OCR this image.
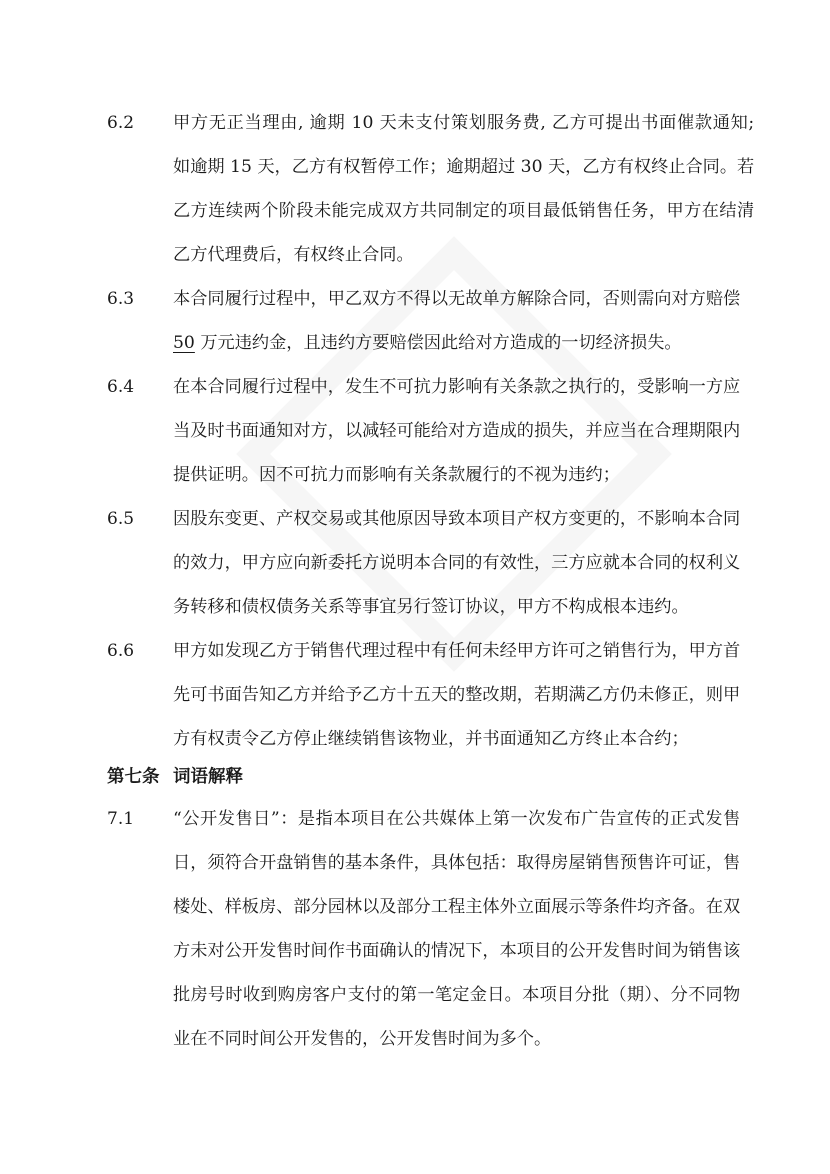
6.2	甲方无正当理由, 逾期 10 天未支付策划服务费, 乙方可提出书面催款通知;
如逾期 15 天，乙方有权暂停工作；逾期超过 30 天，乙方有权终止合同。若
乙方连续两个阶段未能完成双方共同制定的项目最低销售任务，甲方在结清
乙方代理费后，有权终止合同。
6.3	本合同履行过程中，甲乙双方不得以无故单方解除合同，否则需向对方赔偿
50 万元违约金，且违约方要赔偿因此给对方造成的一切经济损失。
6.4	在本合同履行过程中，发生不可抗力影响有关条款之执行的，受影响一方应
当及时书面通知对方，以减轻可能给对方造成的损失，并应当在合理期限内
提供证明。因不可抗力而影响有关条款履行的不视为违约；
6.5	因股东变更、产权交易或其他原因导致本项目产权方变更的，不影响本合同
的效力，甲方应向新委托方说明本合同的有效性，三方应就本合同的权利义
务转移和债权债务关系等事宜另行签订协议，甲方不构成根本违约。
6.6	甲方如发现乙方于销售代理过程中有任何未经甲方许可之销售行为，甲方首
先可书面告知乙方并给予乙方十五天的整改期，若期满乙方仍未修正，则甲
方有权责令乙方停止继续销售该物业，并书面通知乙方终止本合约；
第七条 词语解释
7.1	“公开发售日”：是指本项目在公共媒体上第一次发布广告宣传的正式发售
日，须符合开盘销售的基本条件，具体包括：取得房屋销售预售许可证，售
楼处、样板房、部分园林以及部分工程主体外立面展示等条件均齐备。在双
方未对公开发售时间作书面确认的情况下，本项目的公开发售时间为销售该
批房号时收到购房客户支付的第一笔定金日。本项目分批（期）、分不同物
业在不同时间公开发售的，公开发售时间为多个。
